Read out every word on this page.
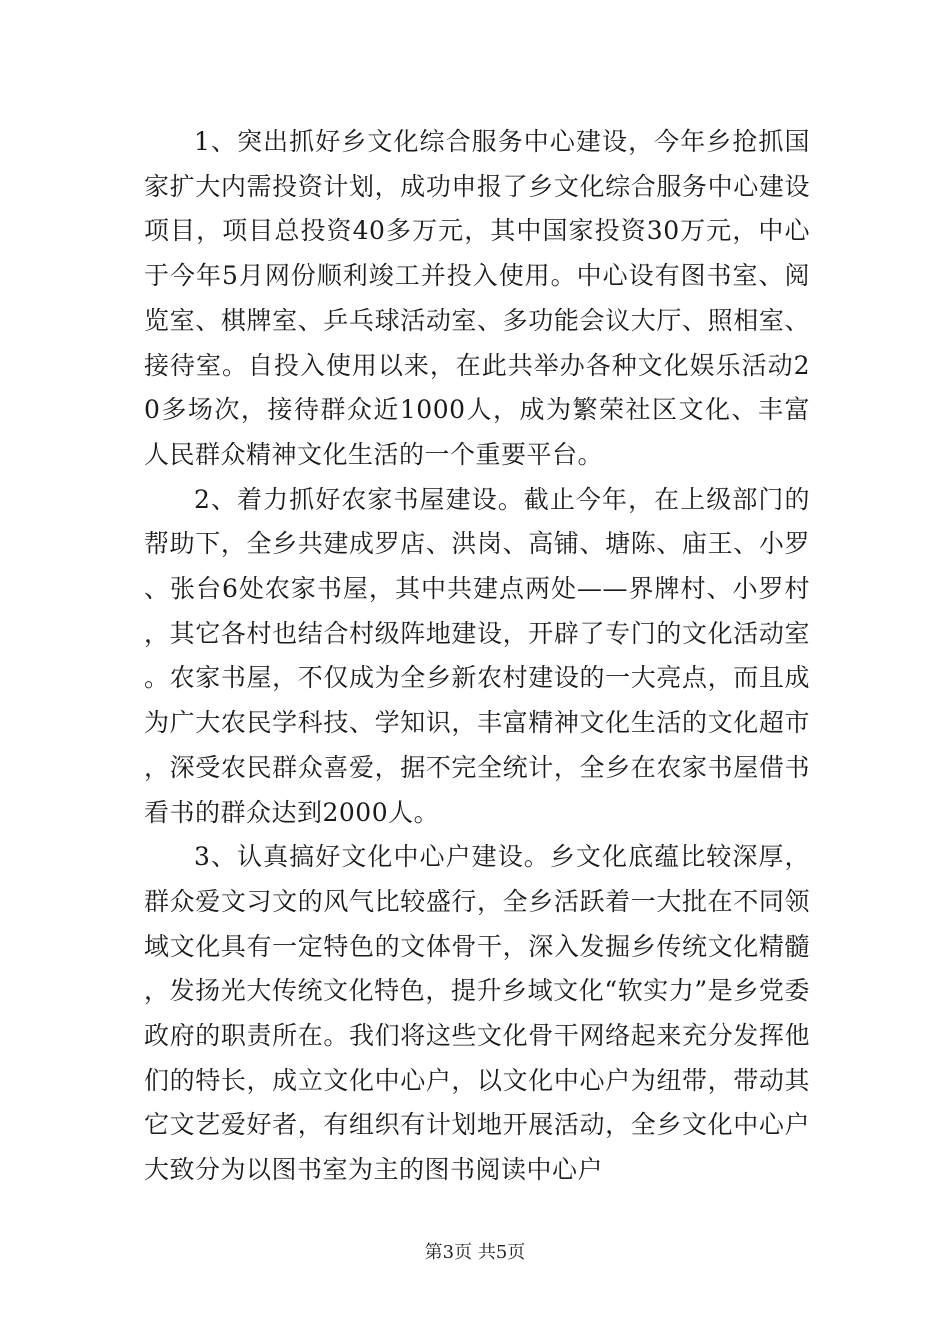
1、突出抓好乡文化综合服务中心建设，今年乡抢抓国家扩大内需投资计划，成功申报了乡文化综合服务中心建设项目，项目总投资40多万元，其中国家投资30万元，中心于今年5月网份顺利竣工并投入使用。中心设有图书室、阅览室、棋牌室、乒乓球活动室、多功能会议大厅、照相室、接待室。自投入使用以来，在此共举办各种文化娱乐活动20多场次，接待群众近1000人，成为繁荣社区文化、丰富人民群众精神文化生活的一个重要平台。

2、着力抓好农家书屋建设。截止今年，在上级部门的帮助下，全乡共建成罗店、洪岗、高铺、塘陈、庙王、小罗、张台6处农家书屋，其中共建点两处——界牌村、小罗村，其它各村也结合村级阵地建设，开辟了专门的文化活动室。农家书屋，不仅成为全乡新农村建设的一大亮点，而且成为广大农民学科技、学知识，丰富精神文化生活的文化超市，深受农民群众喜爱，据不完全统计，全乡在农家书屋借书看书的群众达到2000人。

3、认真搞好文化中心户建设。乡文化底蕴比较深厚，群众爱文习文的风气比较盛行，全乡活跃着一大批在不同领域文化具有一定特色的文体骨干，深入发掘乡传统文化精髓，发扬光大传统文化特色，提升乡域文化“软实力”是乡党委政府的职责所在。我们将这些文化骨干网络起来充分发挥他们的特长，成立文化中心户，以文化中心户为纽带，带动其它文艺爱好者，有组织有计划地开展活动，全乡文化中心户大致分为以图书室为主的图书阅读中心户

第3页 共5页
